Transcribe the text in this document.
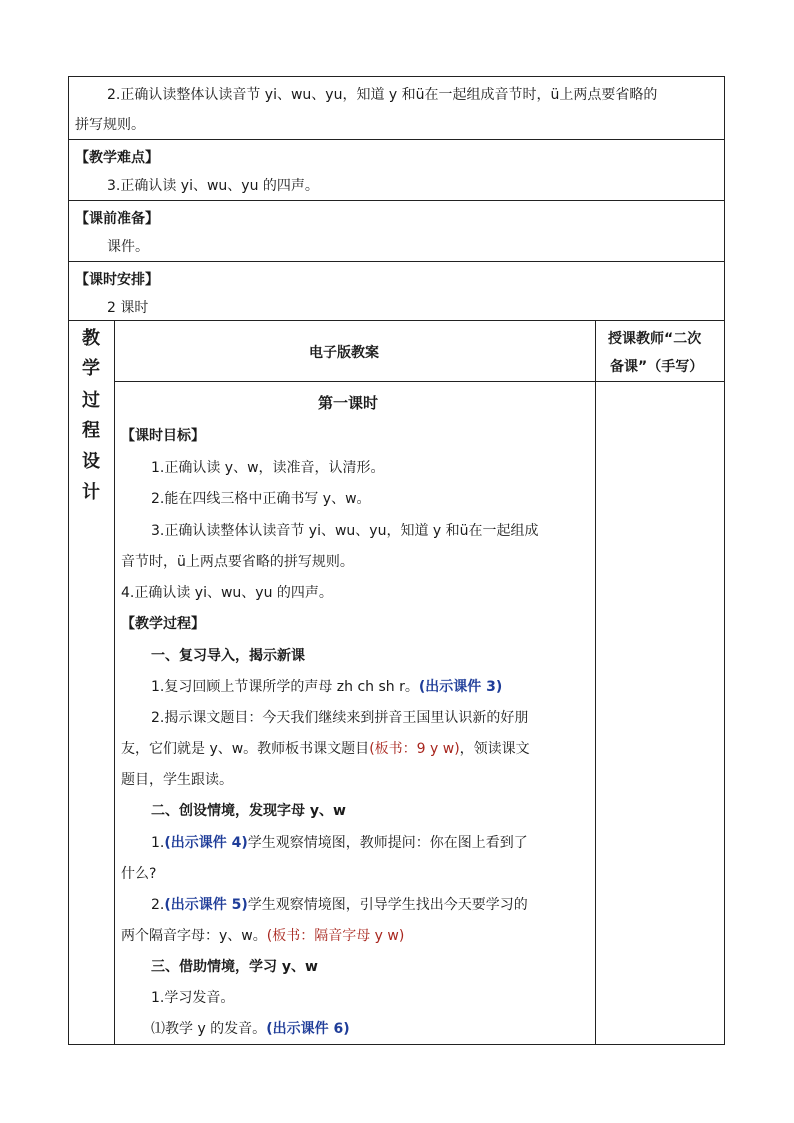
2.正确认读整体认读音节 yi、wu、yu，知道 y 和ü在一起组成音节时，ü上两点要省略的
拼写规则。
【教学难点】
3.正确认读 yi、wu、yu 的四声。
【课前准备】
课件。
【课时安排】
2 课时
教
学
过
程
设
计
电子版教案
授课教师“二次
备课”（手写）
第一课时
【课时目标】
1.正确认读 y、w，读准音，认清形。
2.能在四线三格中正确书写 y、w。
3.正确认读整体认读音节 yi、wu、yu，知道 y 和ü在一起组成
音节时，ü上两点要省略的拼写规则。
4.正确认读 yi、wu、yu 的四声。
【教学过程】
一、复习导入，揭示新课
1.复习回顾上节课所学的声母 zh ch sh r。(出示课件 3)
2.揭示课文题目：今天我们继续来到拼音王国里认识新的好朋
友，它们就是 y、w。教师板书课文题目(板书：9 y w)，领读课文
题目，学生跟读。
二、创设情境，发现字母 y、w
1.(出示课件 4)学生观察情境图，教师提问：你在图上看到了
什么?
2.(出示课件 5)学生观察情境图，引导学生找出今天要学习的
两个隔音字母：y、w。(板书：隔音字母 y w)
三、借助情境，学习 y、w
1.学习发音。
⑴教学 y 的发音。(出示课件 6)
